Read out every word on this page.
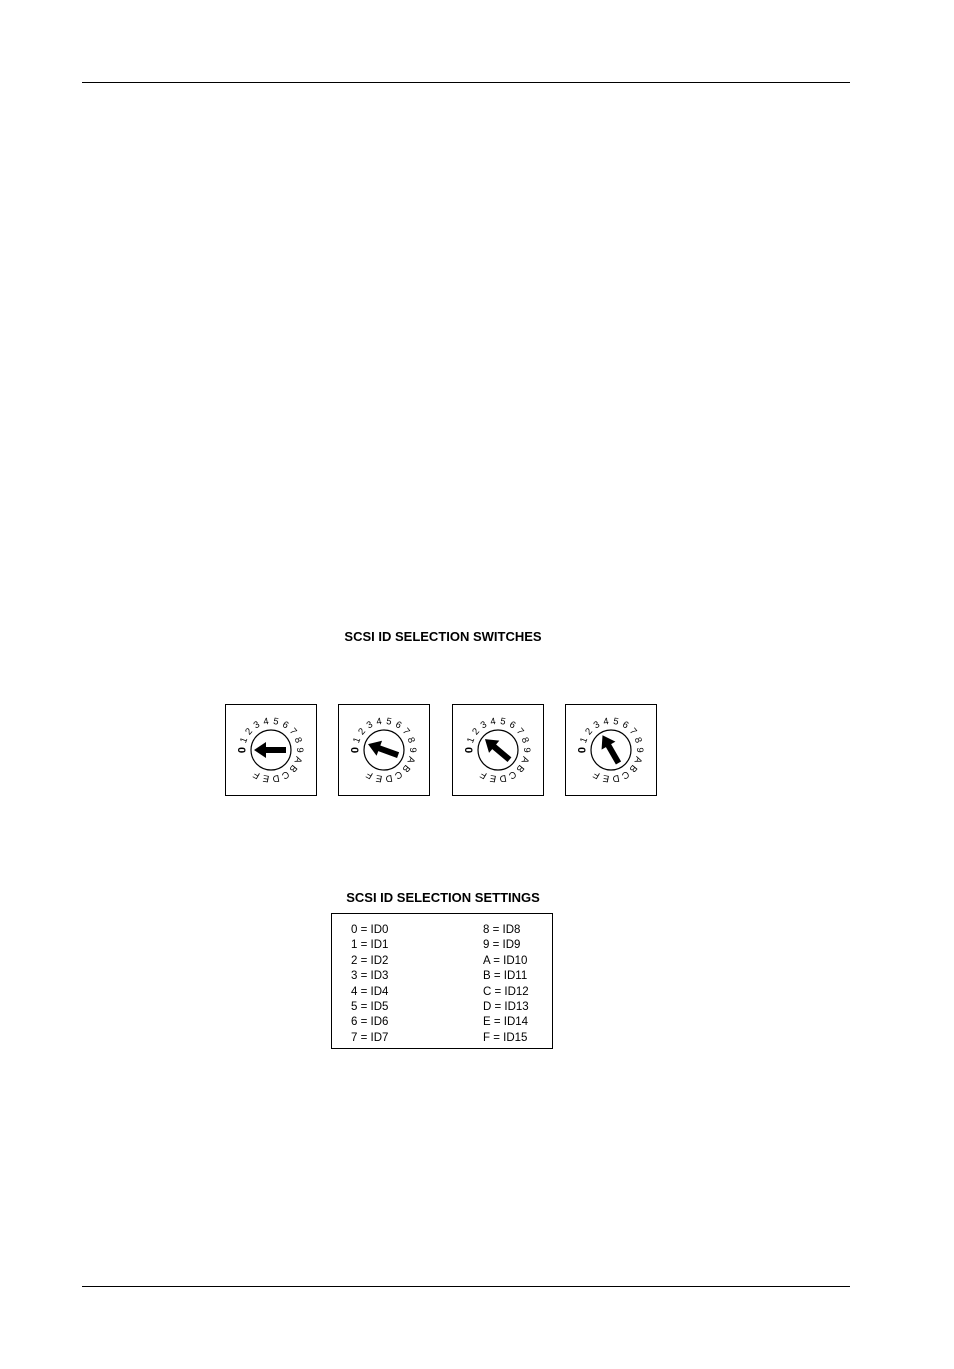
SCSI ID SELECTION SWITCHES
0
1
2
3 4 5 6
7
8
9
A
B
C
D
E
F
0
1
2
3 4 5 6
7
8
9
A
B
C
D
E
F
0
1
2
3 4 5 6
7
8
9
A
B
C
D
E
F
0
1
2
3 4 5 6
7
8
9
A
B
C
D
E
F
SCSI ID SELECTION SETTINGS
0 = ID0
1 = ID1
2 = ID2
3 = ID3
4 = ID4
5 = ID5
6 = ID6
7 = ID7
8 = ID8
9 = ID9
A = ID10
B = ID11
C = ID12
D = ID13
E = ID14
F = ID15
